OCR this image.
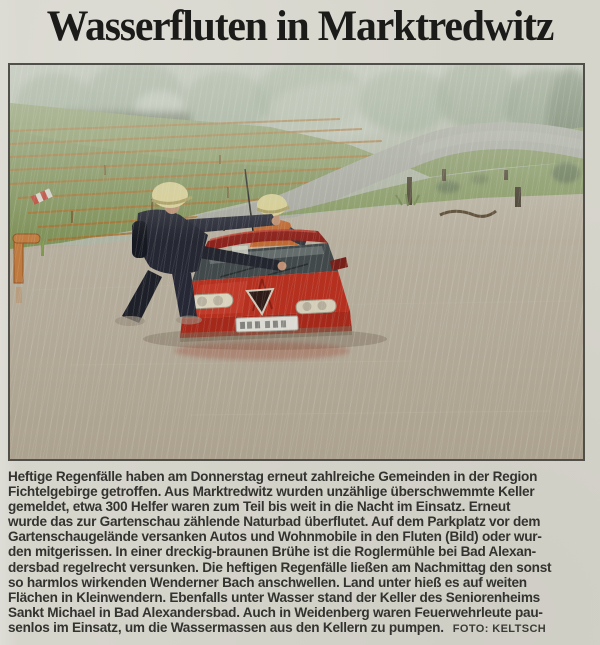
Wasserfluten in Marktredwitz
Heftige Regenfälle haben am Donnerstag erneut zahlreiche Gemeinden in der Region
Fichtelgebirge getroffen. Aus Marktredwitz wurden unzählige überschwemmte Keller
gemeldet, etwa 300 Helfer waren zum Teil bis weit in die Nacht im Einsatz. Erneut
wurde das zur Gartenschau zählende Naturbad überflutet. Auf dem Parkplatz vor dem
Gartenschaugelände versanken Autos und Wohnmobile in den Fluten (Bild) oder wur-
den mitgerissen. In einer dreckig-braunen Brühe ist die Roglermühle bei Bad Alexan-
dersbad regelrecht versunken. Die heftigen Regenfälle ließen am Nachmittag den sonst
so harmlos wirkenden Wenderner Bach anschwellen. Land unter hieß es auf weiten
Flächen in Kleinwendern. Ebenfalls unter Wasser stand der Keller des Seniorenheims
Sankt Michael in Bad Alexandersbad. Auch in Weidenberg waren Feuerwehrleute pau-
senlos im Einsatz, um die Wassermassen aus den Kellern zu pumpen. FOTO: KELTSCH
